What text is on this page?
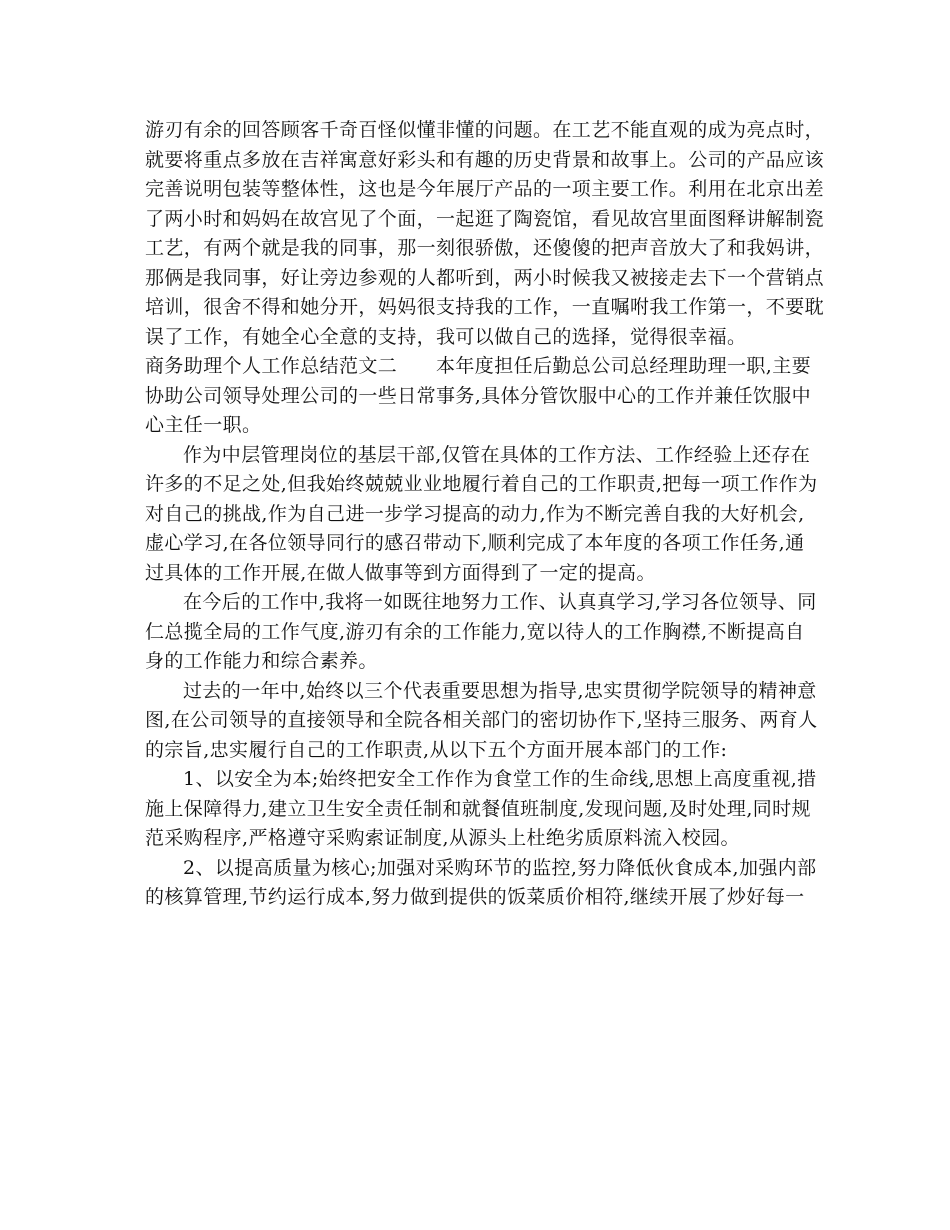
游刃有余的回答顾客千奇百怪似懂非懂的问题。在工艺不能直观的成为亮点时，
就要将重点多放在吉祥寓意好彩头和有趣的历史背景和故事上。公司的产品应该
完善说明包装等整体性，这也是今年展厅产品的一项主要工作。利用在北京出差
了两小时和妈妈在故宫见了个面，一起逛了陶瓷馆，看见故宫里面图释讲解制瓷
工艺，有两个就是我的同事，那一刻很骄傲，还傻傻的把声音放大了和我妈讲，
那俩是我同事，好让旁边参观的人都听到，两小时候我又被接走去下一个营销点
培训，很舍不得和她分开，妈妈很支持我的工作，一直嘱咐我工作第一，不要耽
误了工作，有她全心全意的支持，我可以做自己的选择，觉得很幸福。
商务助理个人工作总结范文二　　本年度担任后勤总公司总经理助理一职,主要
协助公司领导处理公司的一些日常事务,具体分管饮服中心的工作并兼任饮服中
心主任一职。
作为中层管理岗位的基层干部,仅管在具体的工作方法、工作经验上还存在
许多的不足之处,但我始终兢兢业业地履行着自己的工作职责,把每一项工作作为
对自己的挑战,作为自己进一步学习提高的动力,作为不断完善自我的大好机会,
虚心学习,在各位领导同行的感召带动下,顺利完成了本年度的各项工作任务,通
过具体的工作开展,在做人做事等到方面得到了一定的提高。
在今后的工作中,我将一如既往地努力工作、认真真学习,学习各位领导、同
仁总揽全局的工作气度,游刃有余的工作能力,宽以待人的工作胸襟,不断提高自
身的工作能力和综合素养。
过去的一年中,始终以三个代表重要思想为指导,忠实贯彻学院领导的精神意
图,在公司领导的直接领导和全院各相关部门的密切协作下,坚持三服务、两育人
的宗旨,忠实履行自己的工作职责,从以下五个方面开展本部门的工作:
1、以安全为本;始终把安全工作作为食堂工作的生命线,思想上高度重视,措
施上保障得力,建立卫生安全责任制和就餐值班制度,发现问题,及时处理,同时规
范采购程序,严格遵守采购索证制度,从源头上杜绝劣质原料流入校园。
2、以提高质量为核心;加强对采购环节的监控,努力降低伙食成本,加强内部
的核算管理,节约运行成本,努力做到提供的饭菜质价相符,继续开展了炒好每一
